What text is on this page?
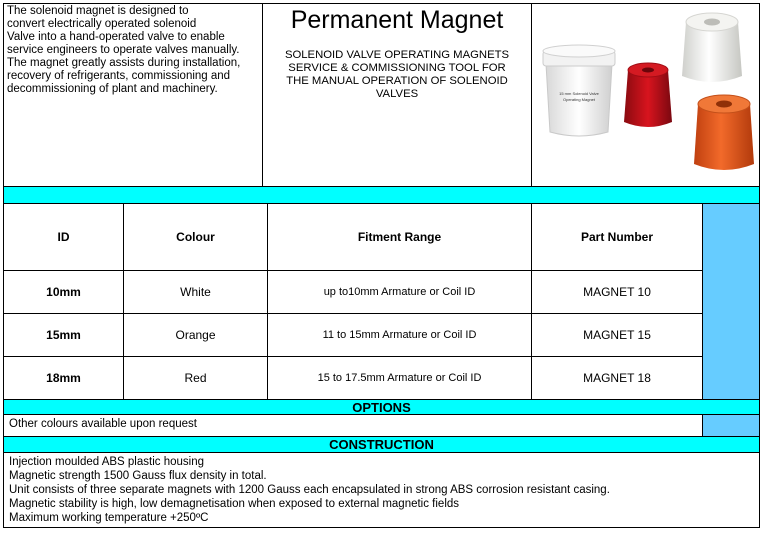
The solenoid magnet is designed to
convert electrically operated solenoid
Valve into a hand-operated valve to enable
service engineers to operate valves manually.
The magnet greatly assists during installation,
recovery of refrigerants, commissioning and
decommissioning of plant and machinery.
Permanent Magnet
SOLENOID VALVE OPERATING MAGNETS
SERVICE & COMMISSIONING TOOL FOR
THE MANUAL OPERATION OF SOLENOID
VALVES	15 mm Solenoid Valve
Operating Magnet
ID	Colour	Fitment Range	Part Number
10mm	White	up to10mm Armature or Coil ID	MAGNET 10
15mm	Orange	11 to 15mm Armature or Coil ID	MAGNET 15
18mm	Red	15 to 17.5mm Armature or Coil ID	MAGNET 18
OPTIONS
Other colours available upon request
CONSTRUCTION
Injection moulded ABS plastic housing
Magnetic strength 1500 Gauss flux density in total.
Unit consists of three separate magnets with 1200 Gauss each encapsulated in strong ABS corrosion resistant casing.
Magnetic stability is high, low demagnetisation when exposed to external magnetic fields
Maximum working temperature +250ºC
